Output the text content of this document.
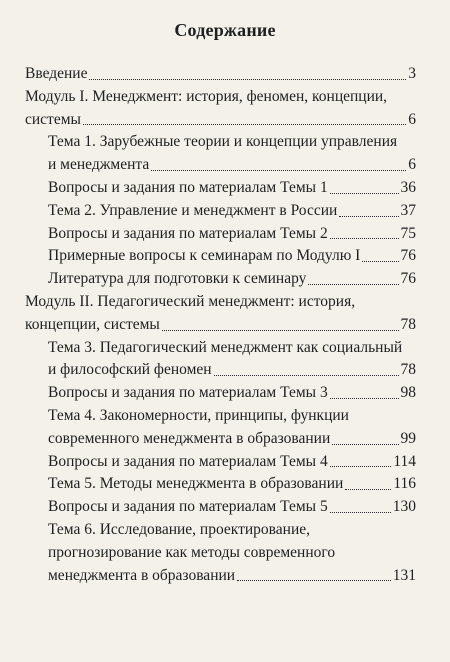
Содержание
Введение	3
Модуль I. Менеджмент: история, феномен, концепции,
системы	6
Тема 1. Зарубежные теории и концепции управления
и менеджмента	6
Вопросы и задания по материалам Темы 1	36
Тема 2. Управление и менеджмент в России	37
Вопросы и задания по материалам Темы 2	75
Примерные вопросы к семинарам по Модулю I	76
Литература для подготовки к семинару	76
Модуль II. Педагогический менеджмент: история,
концепции, системы	78
Тема 3. Педагогический менеджмент как социальный
и философский феномен	78
Вопросы и задания по материалам Темы 3	98
Тема 4. Закономерности, принципы, функции
современного менеджмента в образовании	99
Вопросы и задания по материалам Темы 4	114
Тема 5. Методы менеджмента в образовании	116
Вопросы и задания по материалам Темы 5	130
Тема 6. Исследование, проектирование,
прогнозирование как методы современного
менеджмента в образовании	131
